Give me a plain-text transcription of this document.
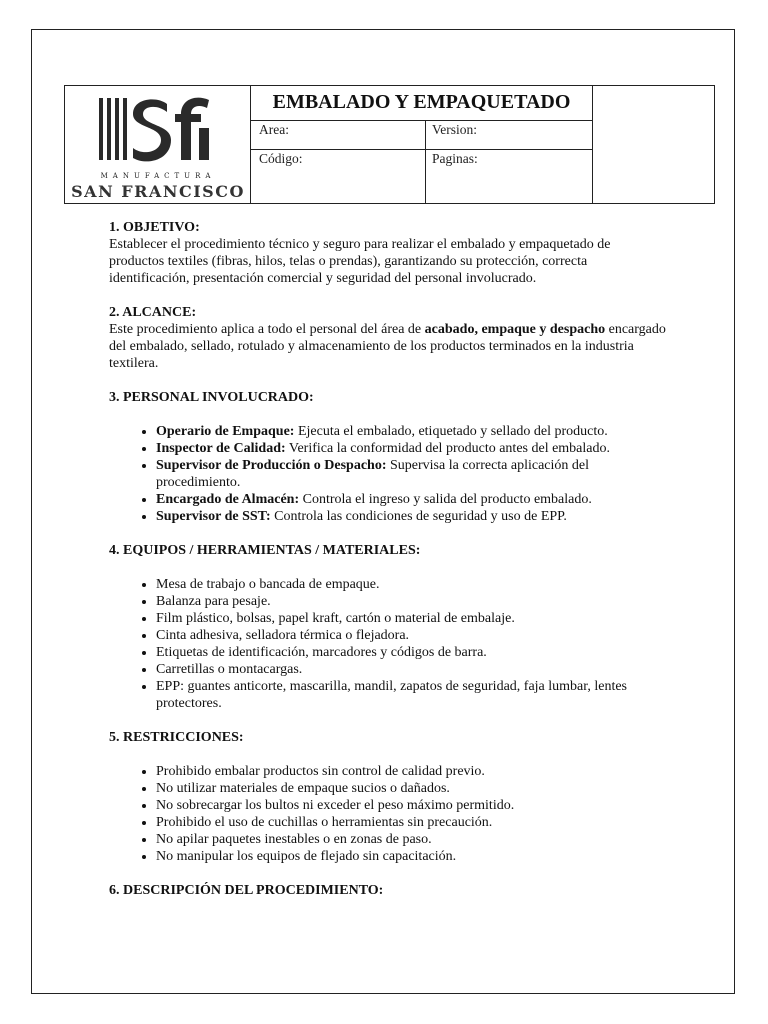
MANUFACTURA
SAN FRANCISCO
EMBALADO Y EMPAQUETADO
Area:	Version:
Código:	Paginas:
1. OBJETIVO:

Establecer el procedimiento técnico y seguro para realizar el embalado y empaquetado de productos textiles (fibras, hilos, telas o prendas), garantizando su protección, correcta identificación, presentación comercial y seguridad del personal involucrado.

2. ALCANCE:

Este procedimiento aplica a todo el personal del área de acabado, empaque y despacho encargado del embalado, sellado, rotulado y almacenamiento de los productos terminados en la industria textilera.

3. PERSONAL INVOLUCRADO:
• Operario de Empaque: Ejecuta el embalado, etiquetado y sellado del producto.
• Inspector de Calidad: Verifica la conformidad del producto antes del embalado.
• Supervisor de Producción o Despacho: Supervisa la correcta aplicación del procedimiento.
• Encargado de Almacén: Controla el ingreso y salida del producto embalado.
• Supervisor de SST: Controla las condiciones de seguridad y uso de EPP.
4. EQUIPOS / HERRAMIENTAS / MATERIALES:
• Mesa de trabajo o bancada de empaque.
• Balanza para pesaje.
• Film plástico, bolsas, papel kraft, cartón o material de embalaje.
• Cinta adhesiva, selladora térmica o flejadora.
• Etiquetas de identificación, marcadores y códigos de barra.
• Carretillas o montacargas.
• EPP: guantes anticorte, mascarilla, mandil, zapatos de seguridad, faja lumbar, lentes protectores.
5. RESTRICCIONES:
• Prohibido embalar productos sin control de calidad previo.
• No utilizar materiales de empaque sucios o dañados.
• No sobrecargar los bultos ni exceder el peso máximo permitido.
• Prohibido el uso de cuchillas o herramientas sin precaución.
• No apilar paquetes inestables o en zonas de paso.
• No manipular los equipos de flejado sin capacitación.
6. DESCRIPCIÓN DEL PROCEDIMIENTO:
